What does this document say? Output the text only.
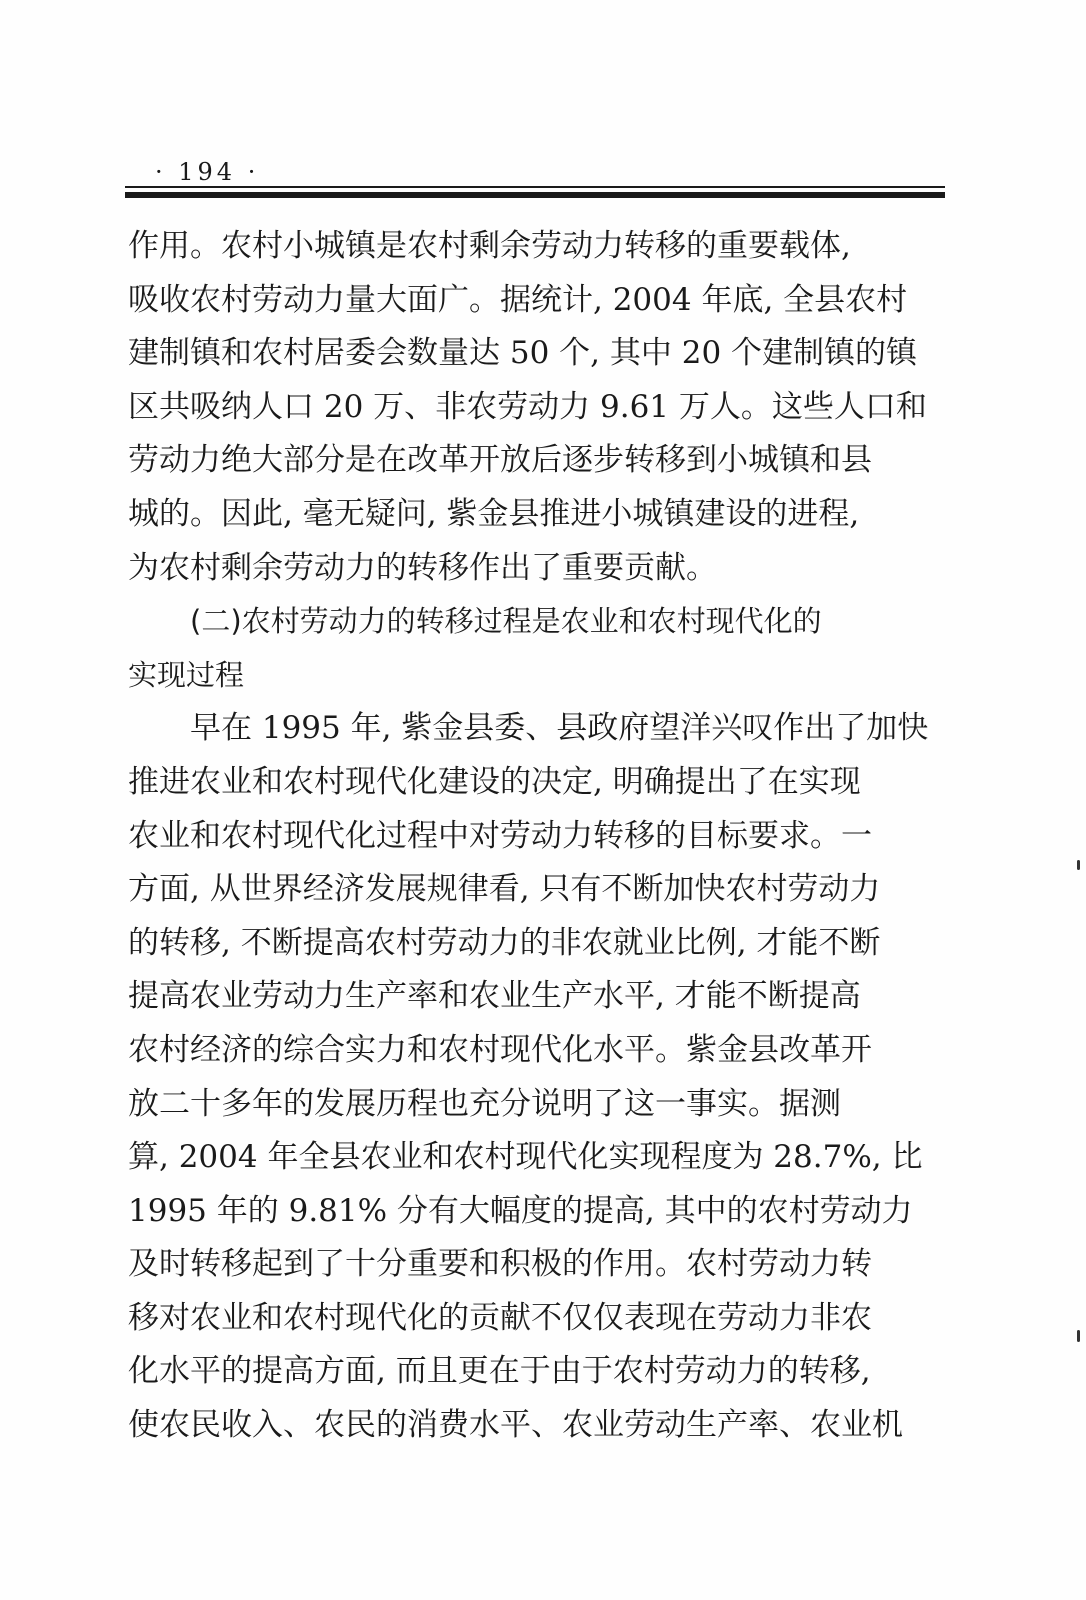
· 194 ·
作用。农村小城镇是农村剩余劳动力转移的重要载体,
吸收农村劳动力量大面广。据统计, 2004 年底, 全县农村
建制镇和农村居委会数量达 50 个, 其中 20 个建制镇的镇
区共吸纳人口 20 万、非农劳动力 9.61 万人。这些人口和
劳动力绝大部分是在改革开放后逐步转移到小城镇和县
城的。因此, 毫无疑问, 紫金县推进小城镇建设的进程,
为农村剩余劳动力的转移作出了重要贡献。
(二)农村劳动力的转移过程是农业和农村现代化的
实现过程
早在 1995 年, 紫金县委、县政府望洋兴叹作出了加快
推进农业和农村现代化建设的决定, 明确提出了在实现
农业和农村现代化过程中对劳动力转移的目标要求。一
方面, 从世界经济发展规律看, 只有不断加快农村劳动力
的转移, 不断提高农村劳动力的非农就业比例, 才能不断
提高农业劳动力生产率和农业生产水平, 才能不断提高
农村经济的综合实力和农村现代化水平。紫金县改革开
放二十多年的发展历程也充分说明了这一事实。据测
算, 2004 年全县农业和农村现代化实现程度为 28.7%, 比
1995 年的 9.81% 分有大幅度的提高, 其中的农村劳动力
及时转移起到了十分重要和积极的作用。农村劳动力转
移对农业和农村现代化的贡献不仅仅表现在劳动力非农
化水平的提高方面, 而且更在于由于农村劳动力的转移,
使农民收入、农民的消费水平、农业劳动生产率、农业机
